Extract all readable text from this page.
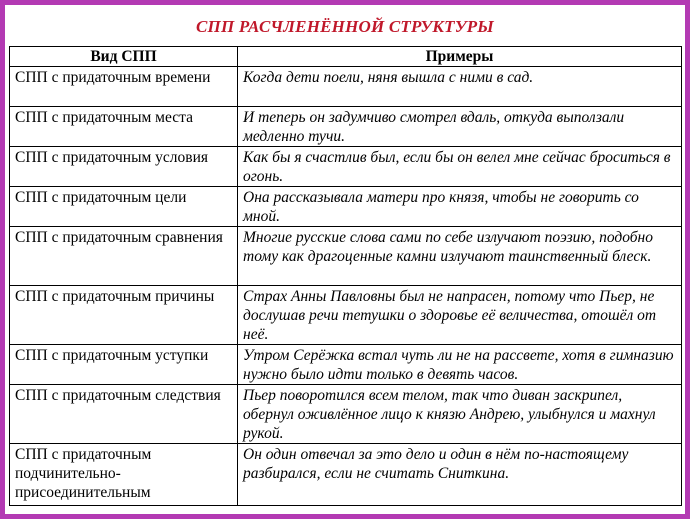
СПП РАСЧЛЕНЁННОЙ СТРУКТУРЫ
Вид СПП	Примеры
СПП с придаточным времени	Когда дети поели, няня вышла с ними в сад.
СПП с придаточным места	И теперь он задумчиво смотрел вдаль, откуда выползали медленно тучи.
СПП с придаточным условия	Как бы я счастлив был, если бы он велел мне сейчас броситься в огонь.
СПП с придаточным цели	Она рассказывала матери про князя, чтобы не говорить со мной.
СПП с придаточным сравнения	Многие русские слова сами по себе излучают поэзию, подобно тому как драгоценные камни излучают таинственный блеск.
СПП с придаточным причины	Страх Анны Павловны был не напрасен, потому что Пьер, не дослушав речи тетушки о здоровье её величества, отошёл от неё.
СПП с придаточным уступки	Утром Серёжка встал чуть ли не на рассвете, хотя в гимназию нужно было идти только в девять часов.
СПП с придаточным следствия	Пьер поворотился всем телом, так что диван заскрипел, обернул оживлённое лицо к князю Андрею, улыбнулся и махнул рукой.
СПП с придаточным подчинительно-присоединительным	Он один отвечал за это дело и один в нём по-настоящему разбирался, если не считать Сниткина.
